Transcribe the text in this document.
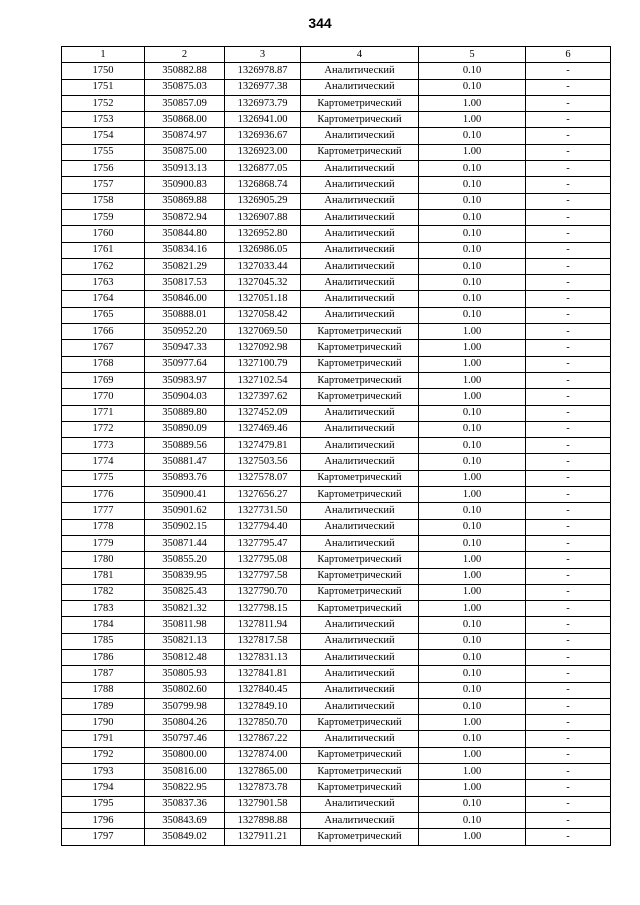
344
1	2	3	4	5	6
1750	350882.88	1326978.87	Аналитический	0.10	-
1751	350875.03	1326977.38	Аналитический	0.10	-
1752	350857.09	1326973.79	Картометрический	1.00	-
1753	350868.00	1326941.00	Картометрический	1.00	-
1754	350874.97	1326936.67	Аналитический	0.10	-
1755	350875.00	1326923.00	Картометрический	1.00	-
1756	350913.13	1326877.05	Аналитический	0.10	-
1757	350900.83	1326868.74	Аналитический	0.10	-
1758	350869.88	1326905.29	Аналитический	0.10	-
1759	350872.94	1326907.88	Аналитический	0.10	-
1760	350844.80	1326952.80	Аналитический	0.10	-
1761	350834.16	1326986.05	Аналитический	0.10	-
1762	350821.29	1327033.44	Аналитический	0.10	-
1763	350817.53	1327045.32	Аналитический	0.10	-
1764	350846.00	1327051.18	Аналитический	0.10	-
1765	350888.01	1327058.42	Аналитический	0.10	-
1766	350952.20	1327069.50	Картометрический	1.00	-
1767	350947.33	1327092.98	Картометрический	1.00	-
1768	350977.64	1327100.79	Картометрический	1.00	-
1769	350983.97	1327102.54	Картометрический	1.00	-
1770	350904.03	1327397.62	Картометрический	1.00	-
1771	350889.80	1327452.09	Аналитический	0.10	-
1772	350890.09	1327469.46	Аналитический	0.10	-
1773	350889.56	1327479.81	Аналитический	0.10	-
1774	350881.47	1327503.56	Аналитический	0.10	-
1775	350893.76	1327578.07	Картометрический	1.00	-
1776	350900.41	1327656.27	Картометрический	1.00	-
1777	350901.62	1327731.50	Аналитический	0.10	-
1778	350902.15	1327794.40	Аналитический	0.10	-
1779	350871.44	1327795.47	Аналитический	0.10	-
1780	350855.20	1327795.08	Картометрический	1.00	-
1781	350839.95	1327797.58	Картометрический	1.00	-
1782	350825.43	1327790.70	Картометрический	1.00	-
1783	350821.32	1327798.15	Картометрический	1.00	-
1784	350811.98	1327811.94	Аналитический	0.10	-
1785	350821.13	1327817.58	Аналитический	0.10	-
1786	350812.48	1327831.13	Аналитический	0.10	-
1787	350805.93	1327841.81	Аналитический	0.10	-
1788	350802.60	1327840.45	Аналитический	0.10	-
1789	350799.98	1327849.10	Аналитический	0.10	-
1790	350804.26	1327850.70	Картометрический	1.00	-
1791	350797.46	1327867.22	Аналитический	0.10	-
1792	350800.00	1327874.00	Картометрический	1.00	-
1793	350816.00	1327865.00	Картометрический	1.00	-
1794	350822.95	1327873.78	Картометрический	1.00	-
1795	350837.36	1327901.58	Аналитический	0.10	-
1796	350843.69	1327898.88	Аналитический	0.10	-
1797	350849.02	1327911.21	Картометрический	1.00	-
